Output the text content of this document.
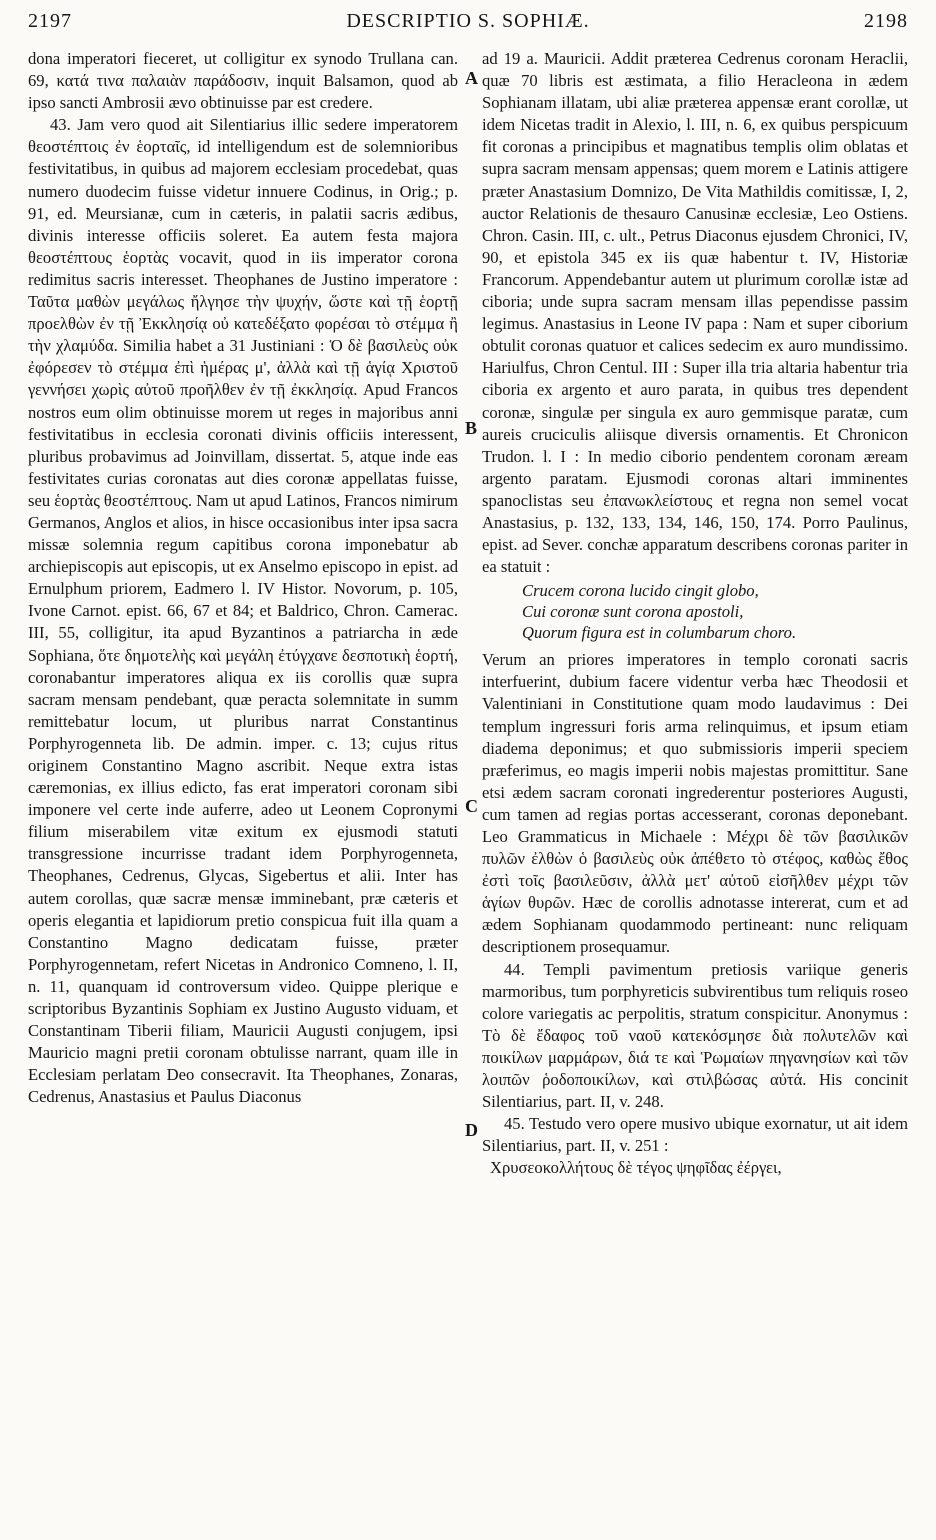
2197	DESCRIPTIO S. SOPHIÆ.	2198
A
B
C
D

dona imperatori fieceret, ut colligitur ex synodo Trullana can. 69, κατά τινα παλαιὰν παράδοσιν, inquit Balsamon, quod ab ipso sancti Ambrosii ævo obtinuisse par est credere.

43. Jam vero quod ait Silentiarius illic sedere imperatorem θεοστέπτοις ἐν ἑορταῖς, id intelligendum est de solemnioribus festivitatibus, in quibus ad majorem ecclesiam procedebat, quas numero duodecim fuisse videtur innuere Codinus, in Orig.; p. 91, ed. Meursianæ, cum in cæteris, in palatii sacris ædibus, divinis interesse officiis soleret. Ea autem festa majora θεοστέπτους ἑορτὰς vocavit, quod in iis imperator corona redimitus sacris interesset. Theophanes de Justino imperatore : Ταῦτα μαθὼν μεγάλως ἤλγησε τὴν ψυχήν, ὥστε καὶ τῇ ἑορτῇ προελθὼν ἐν τῇ Ἐκκλησίᾳ οὐ κατεδέξατο φορέσαι τὸ στέμμα ἢ τὴν χλαμύδα. Similia habet a 31 Justiniani : Ὁ δὲ βασιλεὺς οὐκ ἐφόρεσεν τὸ στέμμα ἐπὶ ἡμέρας μ', ἀλλὰ καὶ τῇ ἁγίᾳ Χριστοῦ γεννήσει χωρὶς αὐτοῦ προῆλθεν ἐν τῇ ἐκκλησίᾳ. Apud Francos nostros eum olim obtinuisse morem ut reges in majoribus anni festivitatibus in ecclesia coronati divinis officiis interessent, pluribus probavimus ad Joinvillam, dissertat. 5, atque inde eas festivitates curias coronatas aut dies coronæ appellatas fuisse, seu ἑορτὰς θεοστέπτους. Nam ut apud Latinos, Francos nimirum Germanos, Anglos et alios, in hisce occasionibus inter ipsa sacra missæ solemnia regum capitibus corona imponebatur ab archiepiscopis aut episcopis, ut ex Anselmo episcopo in epist. ad Ernulphum priorem, Eadmero l. IV Histor. Novorum, p. 105, Ivone Carnot. epist. 66, 67 et 84; et Baldrico, Chron. Camerac. III, 55, colligitur, ita apud Byzantinos a patriarcha in æde Sophiana, ὅτε δημοτελὴς καὶ μεγάλη ἐτύγχανε δεσποτικὴ ἑορτή, coronabantur imperatores aliqua ex iis corollis quæ supra sacram mensam pendebant, quæ peracta solemnitate in summ remittebatur locum, ut pluribus narrat Constantinus Porphyrogenneta lib. De admin. imper. c. 13; cujus ritus originem Constantino Magno ascribit. Neque extra istas cæremonias, ex illius edicto, fas erat imperatori coronam sibi imponere vel certe inde auferre, adeo ut Leonem Copronymi filium miserabilem vitæ exitum ex ejusmodi statuti transgressione incurrisse tradant idem Porphyrogenneta, Theophanes, Cedrenus, Glycas, Sigebertus et alii. Inter has autem corollas, quæ sacræ mensæ imminebant, præ cæteris et operis elegantia et lapidiorum pretio conspicua fuit illa quam a Constantino Magno dedicatam fuisse, præter Porphyrogennetam, refert Nicetas in Andronico Comneno, l. II, n. 11, quanquam id controversum video. Quippe plerique e scriptoribus Byzantinis Sophiam ex Justino Augusto viduam, et Constantinam Tiberii filiam, Mauricii Augusti conjugem, ipsi Mauricio magni pretii coronam obtulisse narrant, quam ille in Ecclesiam perlatam Deo consecravit. Ita Theophanes, Zonaras, Cedrenus, Anastasius et Paulus Diaconus

ad 19 a. Mauricii. Addit præterea Cedrenus coronam Heraclii, quæ 70 libris est æstimata, a filio Heracleona in ædem Sophianam illatam, ubi aliæ præterea appensæ erant corollæ, ut idem Nicetas tradit in Alexio, l. III, n. 6, ex quibus perspicuum fit coronas a principibus et magnatibus templis olim oblatas et supra sacram mensam appensas; quem morem e Latinis attigere præter Anastasium Domnizo, De Vita Mathildis comitissæ, I, 2, auctor Relationis de thesauro Canusinæ ecclesiæ, Leo Ostiens. Chron. Casin. III, c. ult., Petrus Diaconus ejusdem Chronici, IV, 90, et epistola 345 ex iis quæ habentur t. IV, Historiæ Francorum. Appendebantur autem ut plurimum corollæ istæ ad ciboria; unde supra sacram mensam illas pependisse passim legimus. Anastasius in Leone IV papa : Nam et super ciborium obtulit coronas quatuor et calices sedecim ex auro mundissimo. Hariulfus, Chron Centul. III : Super illa tria altaria habentur tria ciboria ex argento et auro parata, in quibus tres dependent coronæ, singulæ per singula ex auro gemmisque paratæ, cum aureis cruciculis aliisque diversis ornamentis. Et Chronicon Trudon. l. I : In medio ciborio pendentem coronam æream argento paratam. Ejusmodi coronas altari imminentes spanoclistas seu ἐπανωκλείστους et regna non semel vocat Anastasius, p. 132, 133, 134, 146, 150, 174. Porro Paulinus, epist. ad Sever. conchæ apparatum describens coronas pariter in ea statuit :

Crucem corona lucido cingit globo,
Cui coronæ sunt corona apostoli,
Quorum figura est in columbarum choro.

Verum an priores imperatores in templo coronati sacris interfuerint, dubium facere videntur verba hæc Theodosii et Valentiniani in Constitutione quam modo laudavimus : Dei templum ingressuri foris arma relinquimus, et ipsum etiam diadema deponimus; et quo submissioris imperii speciem præferimus, eo magis imperii nobis majestas promittitur. Sane etsi ædem sacram coronati ingrederentur posteriores Augusti, cum tamen ad regias portas accesserant, coronas deponebant. Leo Grammaticus in Michaele : Μέχρι δὲ τῶν βασιλικῶν πυλῶν ἐλθὼν ὁ βασιλεὺς οὐκ ἀπέθετο τὸ στέφος, καθὼς ἔθος ἐστὶ τοῖς βασιλεῦσιν, ἀλλὰ μετ' αὐτοῦ εἰσῆλθεν μέχρι τῶν ἁγίων θυρῶν. Hæc de corollis adnotasse intererat, cum et ad ædem Sophianam quodammodo pertineant: nunc reliquam descriptionem prosequamur.

44. Templi pavimentum pretiosis variique generis marmoribus, tum porphyreticis subvirentibus tum reliquis roseo colore variegatis ac perpolitis, stratum conspicitur. Anonymus : Τὸ δὲ ἔδαφος τοῦ ναοῦ κατεκόσμησε διὰ πολυτελῶν καὶ ποικίλων μαρμάρων, διά τε καὶ Ῥωμαίων πηγανησίων καὶ τῶν λοιπῶν ῥοδοποικίλων, καὶ στιλβώσας αὐτά. His concinit Silentiarius, part. II, v. 248.

45. Testudo vero opere musivo ubique exornatur, ut ait idem Silentiarius, part. II, v. 251 :

Χρυσεοκολλήτους δὲ τέγος ψηφῖδας ἐέργει,
